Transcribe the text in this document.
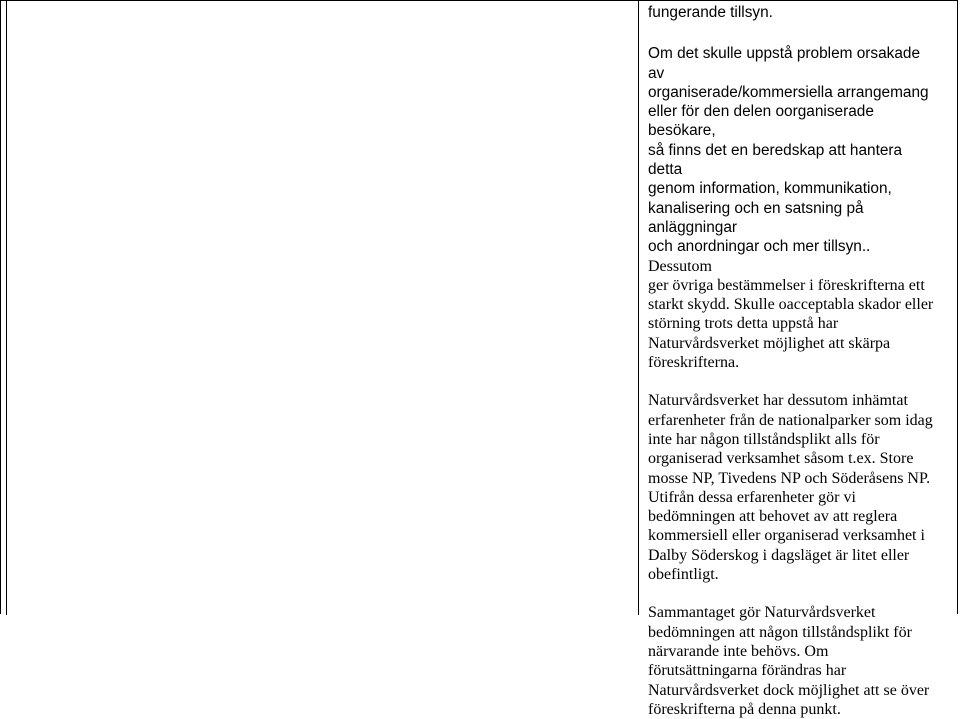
fungerande tillsyn.

Om det skulle uppstå problem orsakade av
organiserade/kommersiella arrangemang
eller för den delen oorganiserade besökare,
så finns det en beredskap att hantera detta
genom information, kommunikation,
kanalisering och en satsning på anläggningar
och anordningar och mer tillsyn.. Dessutom
ger övriga bestämmelser i föreskrifterna ett
starkt skydd. Skulle oacceptabla skador eller
störning trots detta uppstå har
Naturvårdsverket möjlighet att skärpa
föreskrifterna.

Naturvårdsverket har dessutom inhämtat
erfarenheter från de nationalparker som idag
inte har någon tillståndsplikt alls för
organiserad verksamhet såsom t.ex. Store
mosse NP, Tivedens NP och Söderåsens NP.
Utifrån dessa erfarenheter gör vi
bedömningen att behovet av att reglera
kommersiell eller organiserad verksamhet i
Dalby Söderskog i dagsläget är litet eller
obefintligt.

Sammantaget gör Naturvårdsverket
bedömningen att någon tillståndsplikt för
närvarande inte behövs. Om
förutsättningarna förändras har
Naturvårdsverket dock möjlighet att se över
föreskrifterna på denna punkt.
